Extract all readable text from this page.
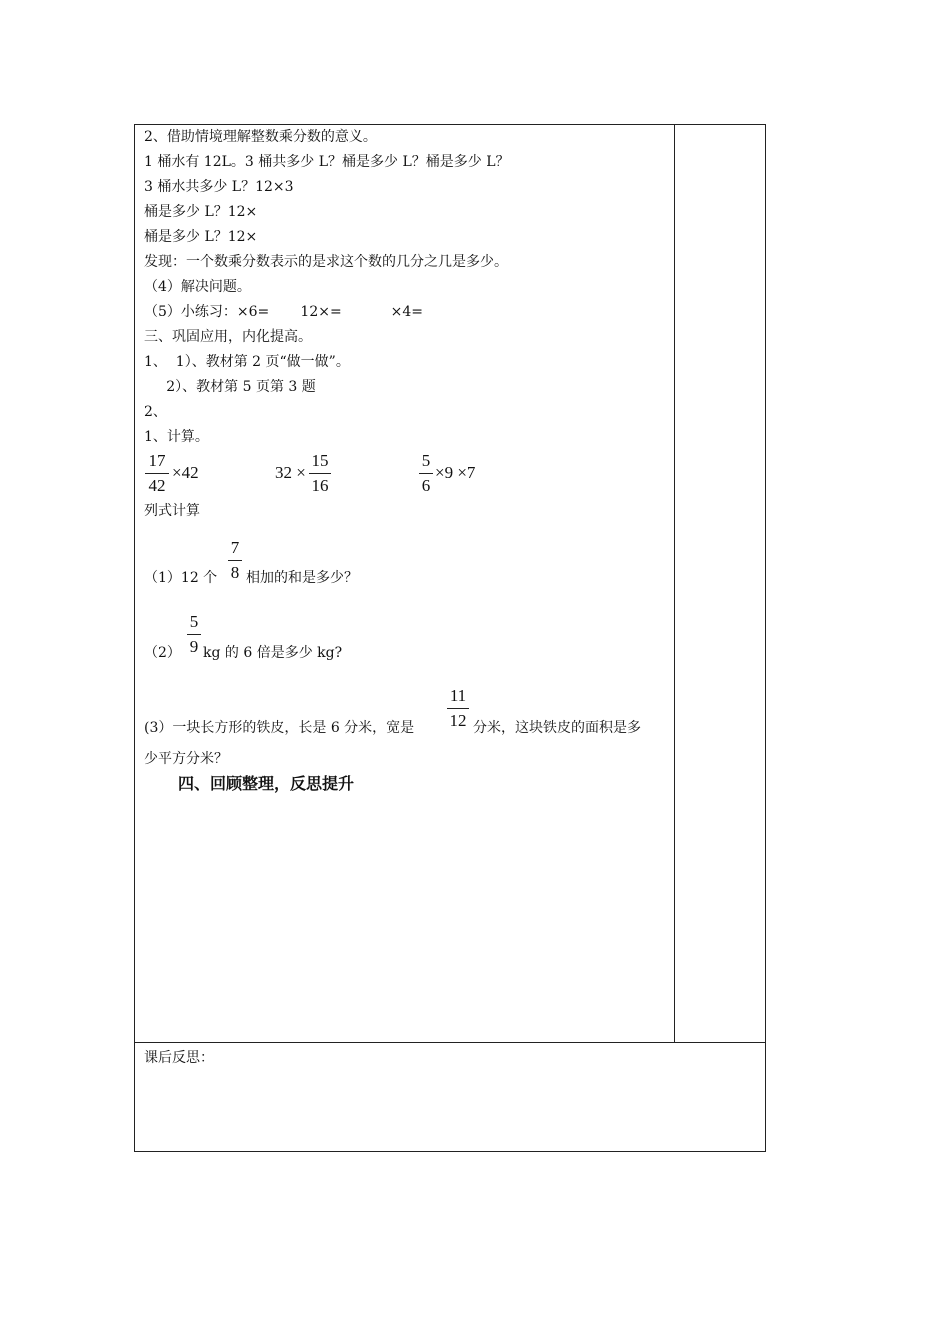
2、借助情境理解整数乘分数的意义。
1 桶水有 12L。3 桶共多少 L？桶是多少 L？桶是多少 L？
3 桶水共多少 L？12×3
桶是多少 L？12×
桶是多少 L？12×
发现：一个数乘分数表示的是求这个数的几分之几是多少。
（4）解决问题。
（5）小练习：×6=       12×=           ×4=
三、巩固应用，内化提高。
1、  1）、教材第 2 页“做一做”。
2）、教材第 5 页第 3 题
2、
1、计算。
17
42
×42	32 ×
15
16
5
6
×9 ×7
列式计算
（1）12 个
7
8 相加的和是多少？
（2）
5
9 kg 的 6 倍是多少 kg?
(3）一块长方形的铁皮，长是 6 分米，宽是
11
12 分米，这块铁皮的面积是多
少平方分米？
四、回顾整理，反思提升
课后反思：
